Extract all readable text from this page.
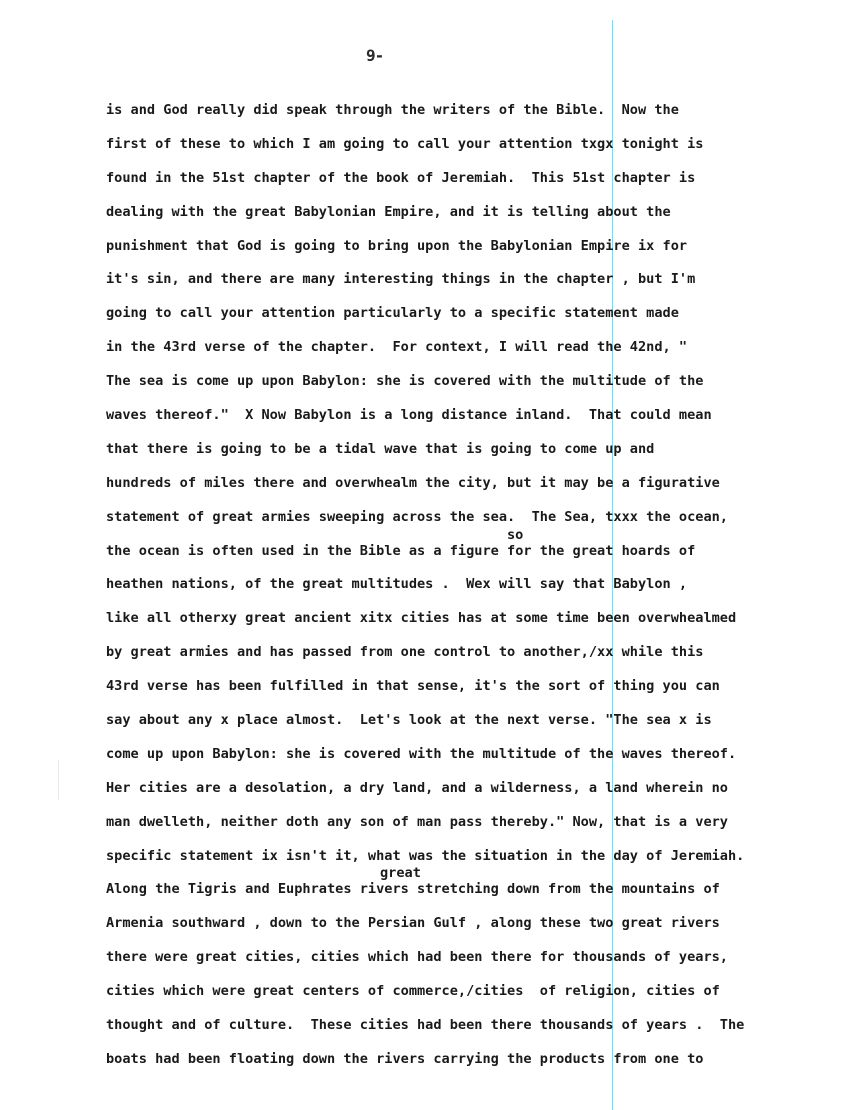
9-
so
great
is and God really did speak through the writers of the Bible.  Now the
first of these to which I am going to call your attention txgx tonight is
found in the 51st chapter of the book of Jeremiah.  This 51st chapter is
dealing with the great Babylonian Empire, and it is telling about the
punishment that God is going to bring upon the Babylonian Empire ix for
it's sin, and there are many interesting things in the chapter , but I'm
going to call your attention particularly to a specific statement made
in the 43rd verse of the chapter.  For context, I will read the 42nd, "
The sea is come up upon Babylon: she is covered with the multitude of the
waves thereof."  X Now Babylon is a long distance inland.  That could mean
that there is going to be a tidal wave that is going to come up and
hundreds of miles there and overwhealm the city, but it may be a figurative
statement of great armies sweeping across the sea.  The Sea, txxx the ocean,
the ocean is often used in the Bible as a figure for the great hoards of
heathen nations, of the great multitudes .  Wex will say that Babylon ,
like all otherxy great ancient xitx cities has at some time been overwhealmed
by great armies and has passed from one control to another,/xx while this
43rd verse has been fulfilled in that sense, it's the sort of thing you can
say about any x place almost.  Let's look at the next verse. "The sea x is
come up upon Babylon: she is covered with the multitude of the waves thereof.
Her cities are a desolation, a dry land, and a wilderness, a land wherein no
man dwelleth, neither doth any son of man pass thereby." Now, that is a very
specific statement ix isn't it, what was the situation in the day of Jeremiah.
Along the Tigris and Euphrates rivers stretching down from the mountains of
Armenia southward , down to the Persian Gulf , along these two great rivers
there were great cities, cities which had been there for thousands of years,
cities which were great centers of commerce,/cities  of religion, cities of
thought and of culture.  These cities had been there thousands of years .  The
boats had been floating down the rivers carrying the products from one to
